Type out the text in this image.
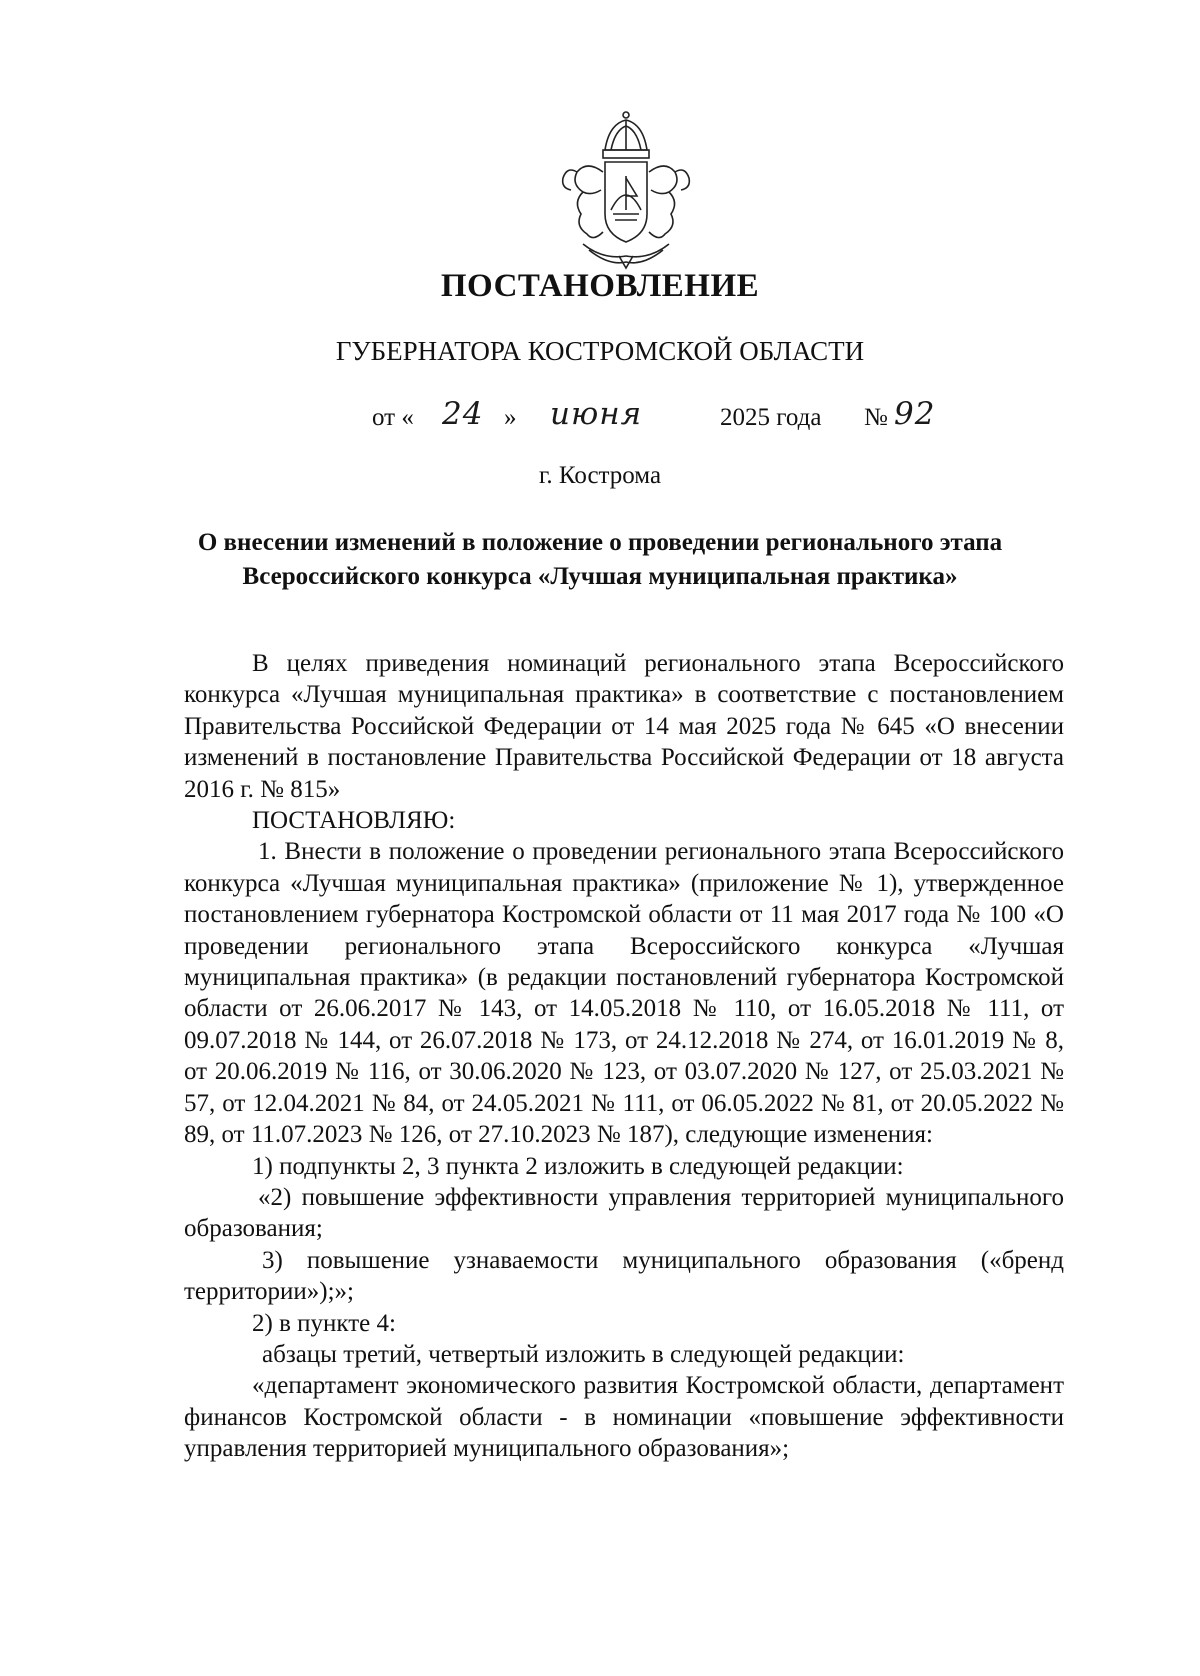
ПОСТАНОВЛЕНИЕ
ГУБЕРНАТОРА КОСТРОМСКОЙ ОБЛАСТИ
от « 24 » июня	2025 года № 92
г. Кострома
О внесении изменений в положение о проведении регионального этапа
Всероссийского конкурса «Лучшая муниципальная практика»

В целях приведения номинаций регионального этапа Всероссийского конкурса «Лучшая муниципальная практика» в соответствие с постановлением Правительства Российской Федерации от 14 мая 2025 года № 645 «О внесении изменений в постановление Правительства Российской Федерации от 18 августа 2016 г. № 815»

ПОСТАНОВЛЯЮ:

1. Внести в положение о проведении регионального этапа Всероссийского конкурса «Лучшая муниципальная практика» (приложение № 1), утвержденное постановлением губернатора Костромской области от 11 мая 2017 года № 100 «О проведении регионального этапа Всероссийского конкурса «Лучшая муниципальная практика» (в редакции постановлений губернатора Костромской области от 26.06.2017 № 143, от 14.05.2018 № 110, от 16.05.2018 № 111, от 09.07.2018 № 144, от 26.07.2018 № 173, от 24.12.2018 № 274, от 16.01.2019 № 8, от 20.06.2019 № 116, от 30.06.2020 № 123, от 03.07.2020 № 127, от 25.03.2021 № 57, от 12.04.2021 № 84, от 24.05.2021 № 111, от 06.05.2022 № 81, от 20.05.2022 № 89, от 11.07.2023 № 126, от 27.10.2023 № 187), следующие изменения:

1) подпункты 2, 3 пункта 2 изложить в следующей редакции:

«2) повышение эффективности управления территорией муниципального образования;

3) повышение узнаваемости муниципального образования («бренд территории»);»;

2) в пункте 4:

абзацы третий, четвертый изложить в следующей редакции:

«департамент экономического развития Костромской области, департамент финансов Костромской области - в номинации «повышение эффективности управления территорией муниципального образования»;
